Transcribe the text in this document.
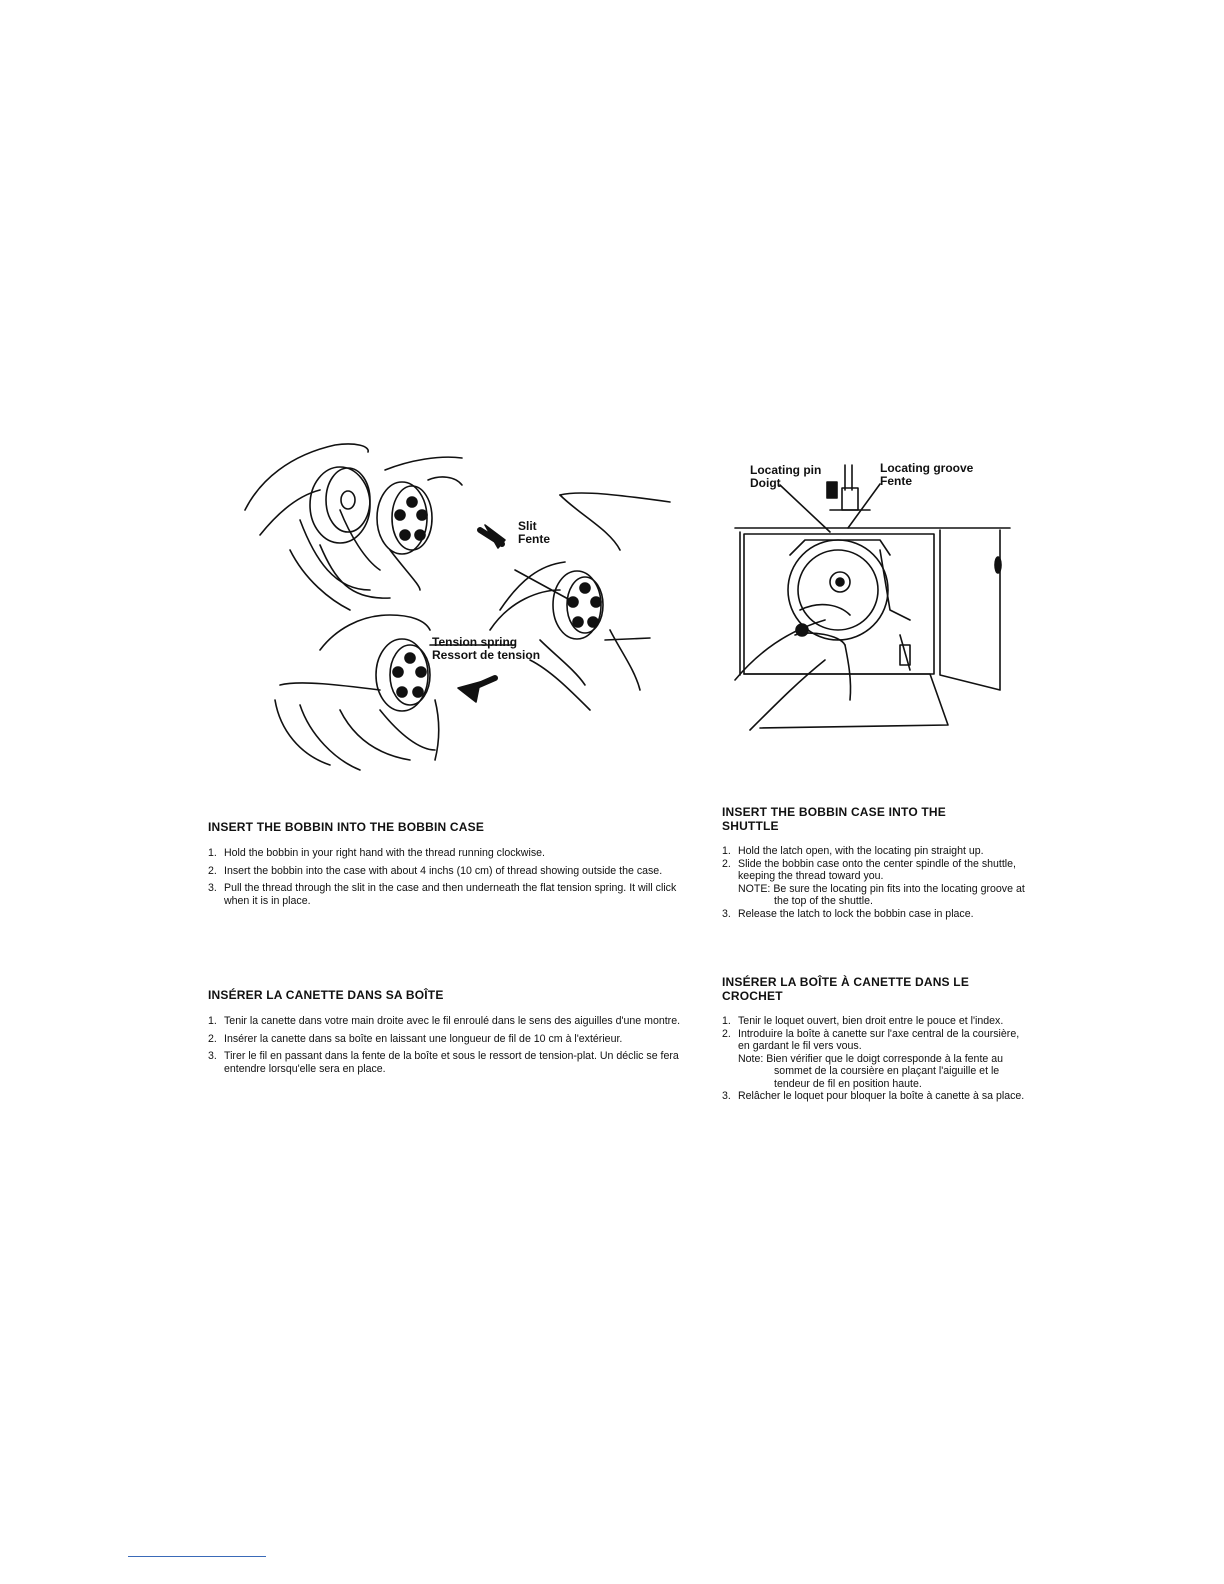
Slit
Fente
Tension spring
Ressort de tension
Locating pin
Doigt
Locating groove
Fente
INSERT THE BOBBIN INTO THE BOBBIN CASE
1. Hold the bobbin in your right hand with the thread running clockwise.
2. Insert the bobbin into the case with about 4 inchs (10 cm) of thread showing outside the case.
3. Pull the thread through the slit in the case and then underneath the flat tension spring. It will click when it is in place.
INSÉRER LA CANETTE DANS SA BOÎTE
1. Tenir la canette dans votre main droite avec le fil enroulé dans le sens des aiguilles d'une montre.
2. Insérer la canette dans sa boîte en laissant une longueur de fil de 10 cm à l'extérieur.
3. Tirer le fil en passant dans la fente de la boîte et sous le ressort de tension-plat. Un déclic se fera entendre lorsqu'elle sera en place.
INSERT THE BOBBIN CASE INTO THE
SHUTTLE
1. Hold the latch open, with the locating pin straight up.
2. Slide the bobbin case onto the center spindle of the shuttle, keeping the thread toward you.
NOTE: Be sure the locating pin fits into the locating groove at the top of the shuttle.
3. Release the latch to lock the bobbin case in place.
INSÉRER LA BOÎTE À CANETTE DANS LE
CROCHET
1. Tenir le loquet ouvert, bien droit entre le pouce et l'index.
2. Introduire la boîte à canette sur l'axe central de la coursière, en gardant le fil vers vous.
Note: Bien vérifier que le doigt corresponde à la fente au sommet de la coursière en plaçant l'aiguille et le tendeur de fil en position haute.
3. Relâcher le loquet pour bloquer la boîte à canette à sa place.
